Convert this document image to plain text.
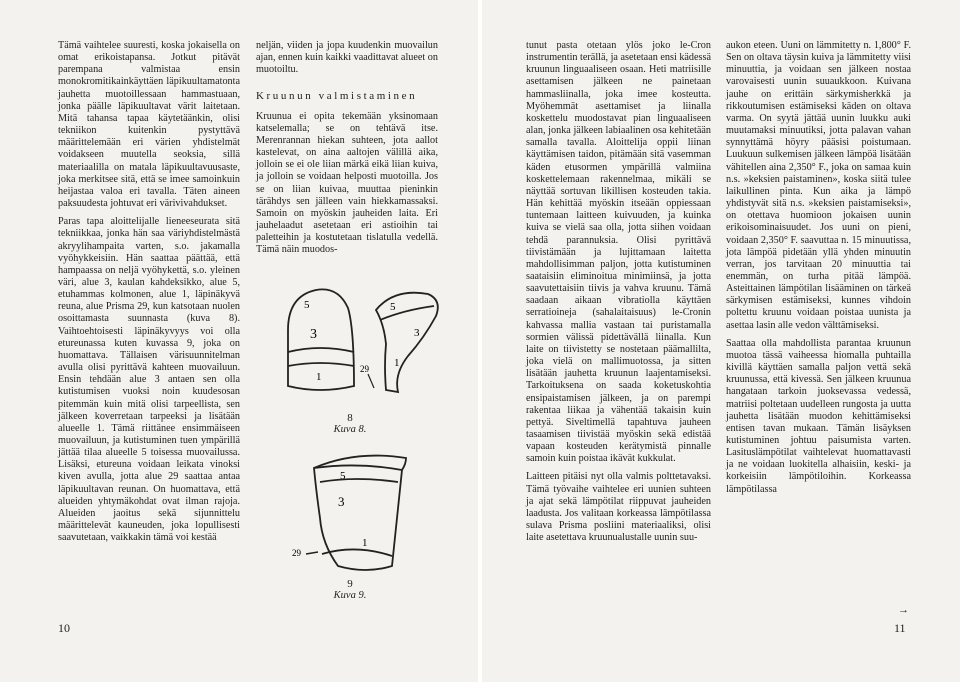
Tämä vaihtelee suuresti, koska jokaisella on omat erikoistapansa. Jotkut pitävät parempana valmistaa ensin monokromitikainkäyttäen läpikuultamatonta jauhetta muotoillessaan hammastuaan, jonka päälle läpikuultavat värit laitetaan. Mitä tahansa tapaa käytetäänkin, olisi tekniikon kuitenkin pystyttävä määrittelemään eri värien yhdistelmät voidakseen muutella seoksia, sillä materiaalilla on matala läpikuultavuusaste, joka merkitsee sitä, että se imee samoinkuin heijastaa valoa eri tavalla. Täten aineen paksuudesta johtuvat eri värivivahdukset.

Paras tapa aloittelijalle lieneeseurata sitä tekniikkaa, jonka hän saa väriyhdistelmästä akryylihampaita varten, s.o. jakamalla vyöhykkeisiin. Hän saattaa päättää, että hampaassa on neljä vyöhykettä, s.o. yleinen väri, alue 3, kaulan kahdeksikko, alue 5, etuhammas kolmonen, alue 1, läpinäkyvä reuna, alue Prisma 29, kun katsotaan nuolen osoittamasta suunnasta (kuva 8). Vaihtoehtoisesti läpinäkyvyys voi olla etureunassa kuten kuvassa 9, joka on huomattava. Tällaisen värisuunnitelman avulla olisi pyrittävä kahteen muovailuun. Ensin tehdään alue 3 antaen sen olla kutistumisen vuoksi noin kuudesosan pitemmän kuin mitä olisi tarpeellista, sen jälkeen koverretaan tarpeeksi ja lisätään alueelle 1. Tämä riittänee ensimmäiseen muovailuun, ja kutistuminen tuen ympärillä jättää tilaa alueelle 5 toisessa muovailussa. Lisäksi, etureuna voidaan leikata vinoksi kiven avulla, jotta alue 29 saattaa antaa läpikuultavan reunan. On huomattava, että alueiden yhtymäkohdat ovat ilman rajoja. Alueiden jaoitus sekä sijunnittelu määrittelevät kauneuden, joka lopullisesti saavutetaan, vaikkakin tämä voi kestää

neljän, viiden ja jopa kuudenkin muovailun ajan, ennen kuin kaikki vaadittavat alueet on muotoiltu.

Kruunun valmistaminen

Kruunua ei opita tekemään yksinomaan katselemalla; se on tehtävä itse. Merenrannan hiekan suhteen, jota aallot kastelevat, on aina aaltojen välillä aika, jolloin se ei ole liian märkä eikä liian kuiva, ja jolloin se voidaan helposti muotoilla. Jos se on liian kuivaa, muuttaa pieninkin tärähdys sen jälleen vain hiekkamassaksi. Samoin on myöskin jauheiden laita. Eri jauhelaadut asetetaan eri astioihin tai paletteihin ja kostutetaan tislatulla vedellä. Tämä näin muodos-

5
3
1
5
3
1
29
8
Kuva 8.
5
3
1
29
9
Kuva 9.
10

tunut pasta otetaan ylös joko le-Cron instrumentin terällä, ja asetetaan ensi kädessä kruunun linguaaliseen osaan. Heti matriisille asettamisen jälkeen ne painetaan hammasliinalla, joka imee kosteutta. Myöhemmät asettamiset ja liinalla koskettelu muodostavat pian linguaaliseen alan, jonka jälkeen labiaalinen osa kehitetään samalla tavalla. Aloittelija oppii liinan käyttämisen taidon, pitämään sitä vasemman käden etusormen ympärillä valmiina koskettelemaan rakennelmaa, mikäli se näyttää sortuvan likillisen kosteuden takia. Hän kehittää myöskin itseään oppiessaan tuntemaan laitteen kuivuuden, ja kuinka kuiva se vielä saa olla, jotta siihen voidaan tehdä parannuksia. Olisi pyrittävä tiivistämään ja lujittamaan laitetta mahdollisimman paljon, jotta kutistuminen saataisiin eliminoitua minimiinsä, ja jotta saavutettaisiin tiivis ja vahva kruunu. Tämä saadaan aikaan vibratiolla käyttäen serratioineja (sahalaitaisuus) le-Cronin kahvassa mallia vastaan tai puristamalla sormien välissä pidettävällä liinalla. Kun laite on tiivistetty se nostetaan päämallilta, joka vielä on mallimuotossa, ja sitten lisätään jauhetta kruunun laajentamiseksi. Tarkoituksena on saada koketuskohtia ensipaistamisen jälkeen, ja on parempi rakentaa liikaa ja vähentää takaisin kuin pettyä. Siveltimellä tapahtuva jauheen tasaamisen tiivistää myöskin sekä edistää vapaan kosteuden kerätymistä pinnalle samoin kuin poistaa ikävät kukkulat.

Laitteen pitäisi nyt olla valmis polttetavaksi. Tämä työvaihe vaihtelee eri uunien suhteen ja ajat sekä lämpötilat riippuvat jauheiden laadusta. Jos valitaan korkeassa lämpötilassa sulava Prisma posliini materiaaliksi, olisi laite asetettava kruunualustalle uunin suu-

aukon eteen. Uuni on lämmitetty n. 1,800° F. Sen on oltava täysin kuiva ja lämmitetty viisi minuuttia, ja voidaan sen jälkeen nostaa varovaisesti uunin suuaukkoon. Kuivana jauhe on erittäin särkymisherkkä ja rikkoutumisen estämiseksi käden on oltava varma. On syytä jättää uunin luukku auki muutamaksi minuutiksi, jotta palavan vahan synnyttämä höyry pääsisi poistumaan. Luukuun sulkemisen jälkeen lämpöä lisätään vähitellen aina 2,350° F., joka on samaa kuin n.s. »keksien paistaminen», koska siitä tulee laikullinen pinta. Kun aika ja lämpö yhdistyvät sitä n.s. »keksien paistamiseksi», on otettava huomioon jokaisen uunin erikoisominaisuudet. Jos uuni on pieni, voidaan 2,350° F. saavuttaa n. 15 minuutissa, jota lämpöä pidetään yllä yhden minuutin verran, jos tarvitaan 20 minuuttia tai enemmän, on turha pitää lämpöä. Asteittainen lämpötilan lisääminen on tärkeä särkymisen estämiseksi, kunnes vihdoin poltettu kruunu voidaan poistaa uunista ja asettaa lasin alle vedon välttämiseksi.

Saattaa olla mahdollista parantaa kruunun muotoa tässä vaiheessa hiomalla puhtailla kivillä käyttäen samalla paljon vettä sekä kruunussa, että kivessä. Sen jälkeen kruunua hangataan tarkoin juoksevassa vedessä, matriisi poltetaan uudelleen rungosta ja uutta jauhetta lisätään muodon kehittämiseksi entisen tavan mukaan. Tämän lisäyksen kutistuminen johtuu paisumista varten. Lasituslämpötilat vaihtelevat huomattavasti ja ne voidaan luokitella alhaisiin, keski- ja korkeisiin lämpötiloihin. Korkeassa lämpötilassa

→
11
